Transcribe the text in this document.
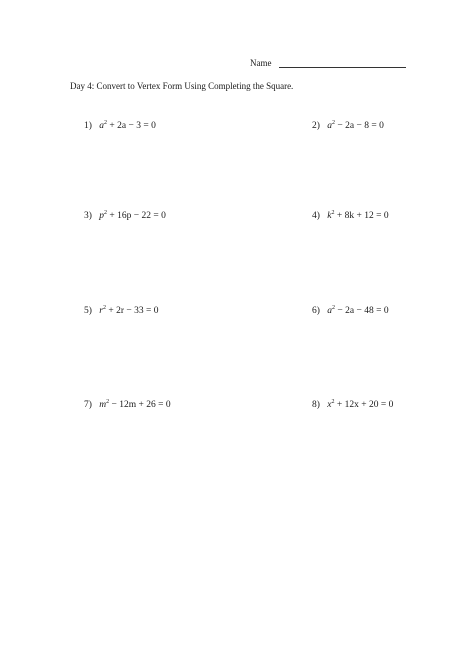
Name
Day 4: Convert to Vertex Form Using Completing the Square.
1) $a^2 + 2a - 3 = 0$	2) $a^2 - 2a - 8 = 0$
3) $p^2 + 16p - 22 = 0$	4) $k^2 + 8k + 12 = 0$
5) $r^2 + 2r - 33 = 0$	6) $a^2 - 2a - 48 = 0$
7) $m^2 - 12m + 26 = 0$	8) $x^2 + 12x + 20 = 0$
